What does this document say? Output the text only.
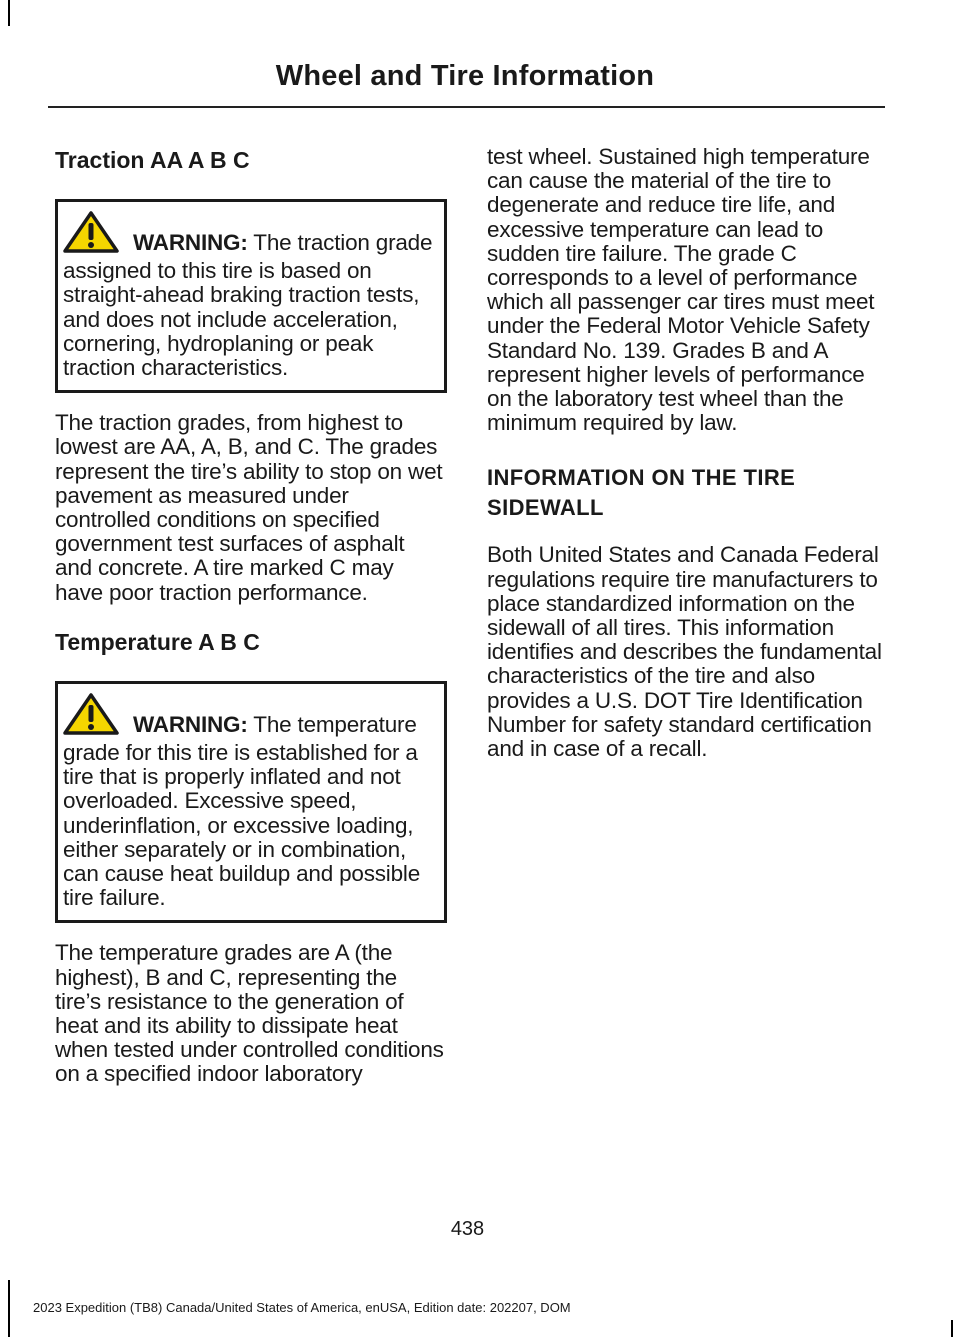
Wheel and Tire Information
Traction AA A B C

WARNING: The traction grade assigned to this tire is based on straight-ahead braking traction tests, and does not include acceleration, cornering, hydroplaning or peak traction characteristics.

The traction grades, from highest to lowest are AA, A, B, and C. The grades represent the tire’s ability to stop on wet pavement as measured under controlled conditions on specified government test surfaces of asphalt and concrete. A tire marked C may have poor traction performance.

Temperature A B C

WARNING: The temperature grade for this tire is established for a tire that is properly inflated and not overloaded. Excessive speed, underinflation, or excessive loading, either separately or in combination, can cause heat buildup and possible tire failure.

The temperature grades are A (the highest), B and C, representing the tire’s resistance to the generation of heat and its ability to dissipate heat when tested under controlled conditions on a specified indoor laboratory

test wheel. Sustained high temperature can cause the material of the tire to degenerate and reduce tire life, and excessive temperature can lead to sudden tire failure. The grade C corresponds to a level of performance which all passenger car tires must meet under the Federal Motor Vehicle Safety Standard No. 139. Grades B and A represent higher levels of performance on the laboratory test wheel than the minimum required by law.

INFORMATION ON THE TIRE SIDEWALL

Both United States and Canada Federal regulations require tire manufacturers to place standardized information on the sidewall of all tires. This information identifies and describes the fundamental characteristics of the tire and also provides a U.S. DOT Tire Identification Number for safety standard certification and in case of a recall.

438
2023 Expedition (TB8) Canada/United States of America, enUSA, Edition date: 202207, DOM
